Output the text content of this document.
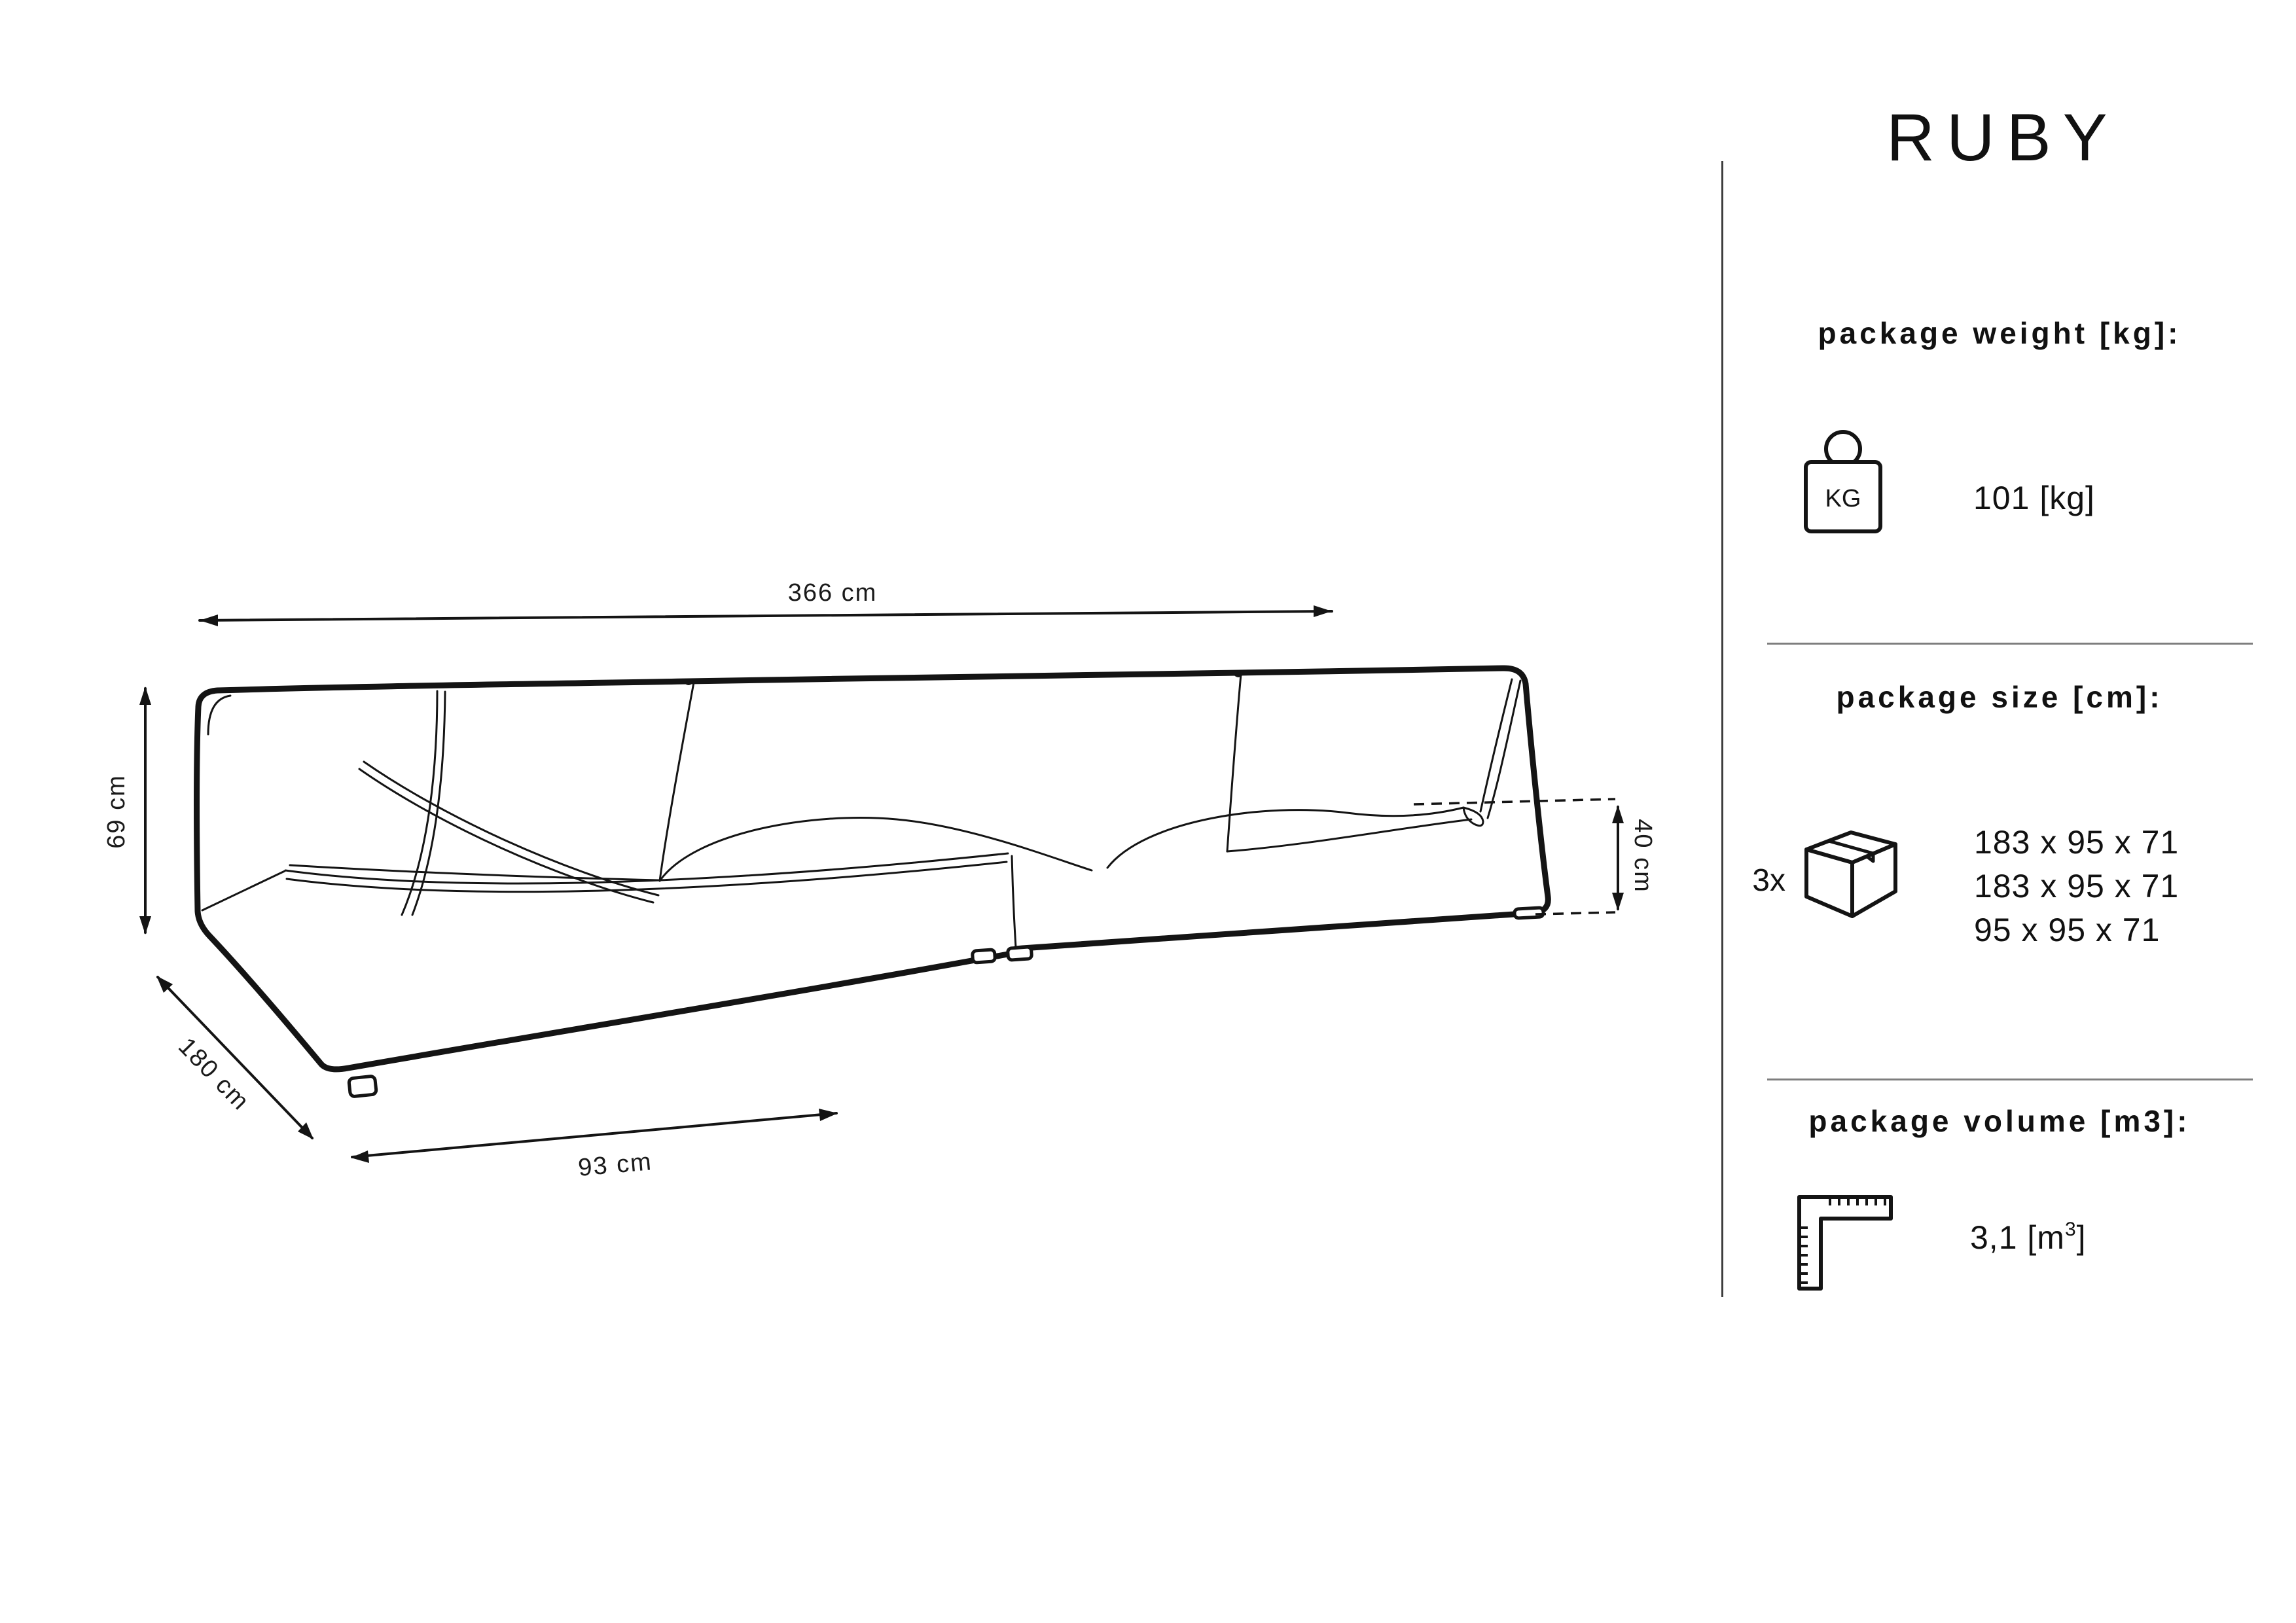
366 cm
69 cm
180 cm
93 cm
40 cm
RUBY
package weight [kg]:
KG	101 [kg]
package size [cm]:
3x
183 x 95 x 71
183 x 95 x 71
95 x 95 x 71
package volume [m3]:
3,1 $[m^3]$
